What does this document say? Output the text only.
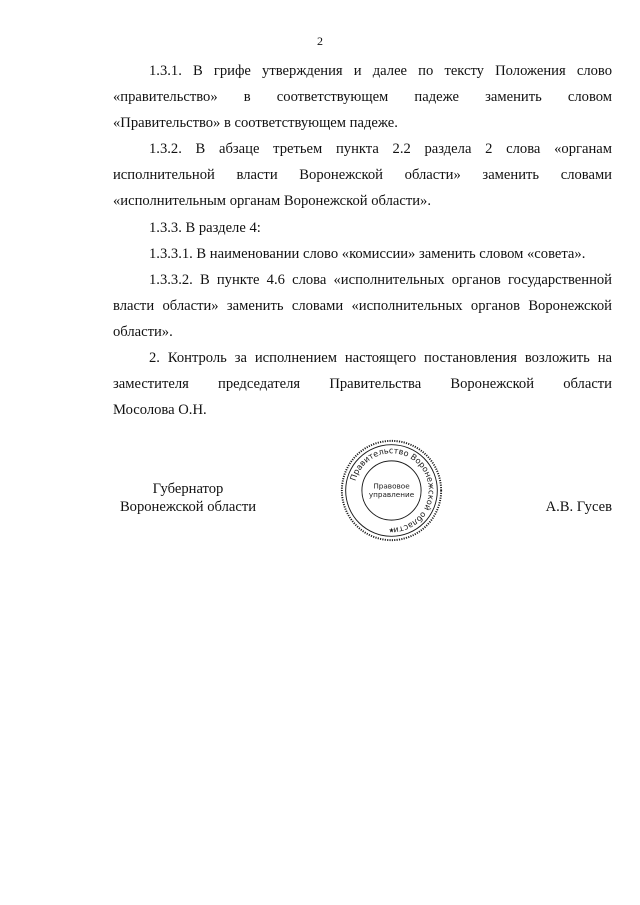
2

1.3.1. В грифе утверждения и далее по тексту Положения слово

«правительство» в соответствующем падеже заменить словом

«Правительство» в соответствующем падеже.

1.3.2. В абзаце третьем пункта 2.2 раздела 2 слова «органам

исполнительной власти Воронежской области» заменить словами

«исполнительным органам Воронежской области».

1.3.3. В разделе 4:

1.3.3.1. В наименовании слово «комиссии» заменить словом «совета».

1.3.3.2. В пункте 4.6 слова «исполнительных органов государственной

власти области» заменить словами «исполнительных органов Воронежской

области».

2. Контроль за исполнением настоящего постановления возложить на

заместителя председателя Правительства Воронежской области

Мосолова О.Н.

Губернатор
Воронежской области
Правительство Воронежской области
Правовое
управление
★
А.В. Гусев
